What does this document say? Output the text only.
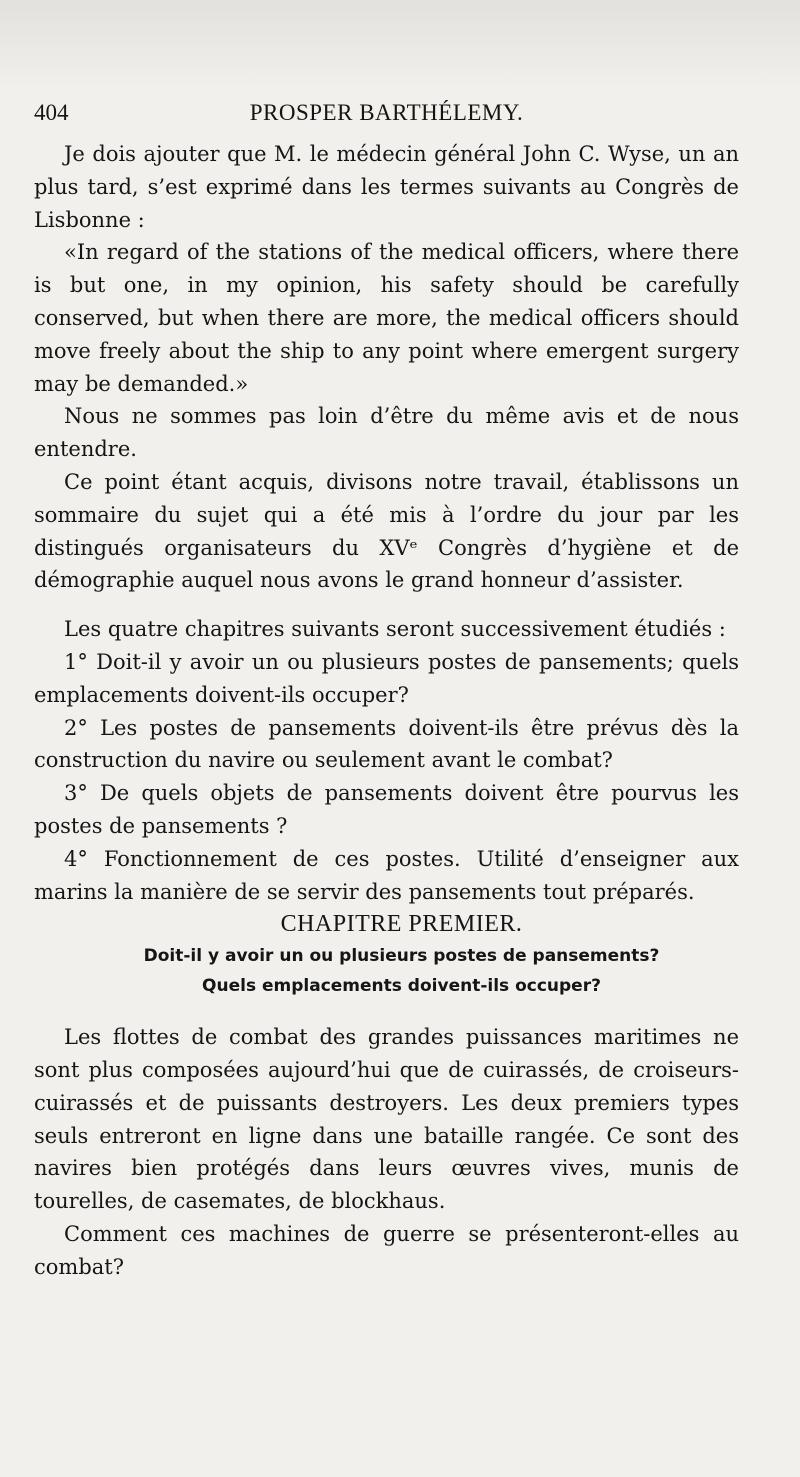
404	PROSPER BARTHÉLEMY.

Je dois ajouter que M. le médecin général John C. Wyse, un an plus tard, s’est exprimé dans les termes suivants au Congrès de Lisbonne :

«In regard of the stations of the medical officers, where there is but one, in my opinion, his safety should be carefully conserved, but when there are more, the medical officers should move freely about the ship to any point where emergent surgery may be demanded.»

Nous ne sommes pas loin d’être du même avis et de nous entendre.

Ce point étant acquis, divisons notre travail, établissons un sommaire du sujet qui a été mis à l’ordre du jour par les distingués organisateurs du XVᵉ Congrès d’hygiène et de démographie auquel nous avons le grand honneur d’assister.

Les quatre chapitres suivants seront successivement étudiés :

1° Doit-il y avoir un ou plusieurs postes de pansements; quels emplacements doivent-ils occuper?

2° Les postes de pansements doivent-ils être prévus dès la construction du navire ou seulement avant le combat?

3° De quels objets de pansements doivent être pourvus les postes de pansements ?

4° Fonctionnement de ces postes. Utilité d’enseigner aux marins la manière de se servir des pansements tout préparés.

CHAPITRE PREMIER.

Doit-il y avoir un ou plusieurs postes de pansements?

Quels emplacements doivent-ils occuper?

Les flottes de combat des grandes puissances maritimes ne sont plus composées aujourd’hui que de cuirassés, de croiseurs-cuirassés et de puissants destroyers. Les deux premiers types seuls entreront en ligne dans une bataille rangée. Ce sont des navires bien protégés dans leurs œuvres vives, munis de tourelles, de casemates, de blockhaus.

Comment ces machines de guerre se présenteront-elles au combat?
